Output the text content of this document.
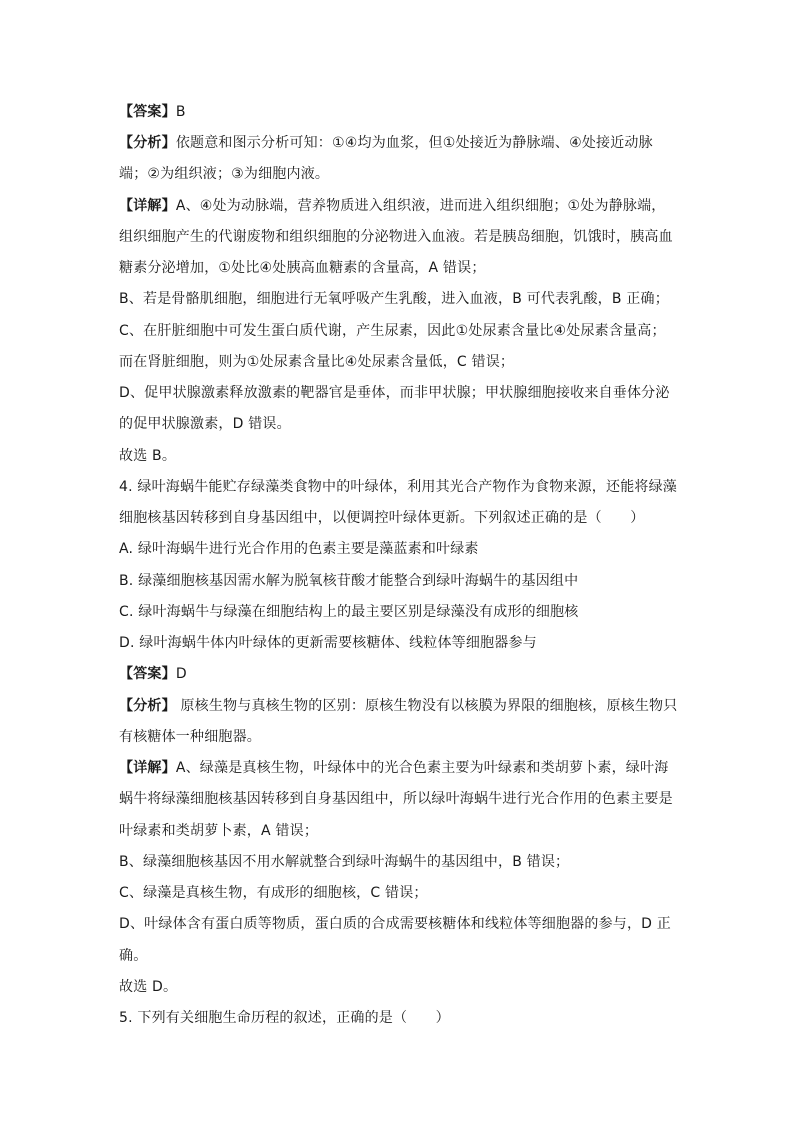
【答案】B
【分析】依题意和图示分析可知：①④均为血浆，但①处接近为静脉端、④处接近动脉
端；②为组织液；③为细胞内液。
【详解】A、④处为动脉端，营养物质进入组织液，进而进入组织细胞；①处为静脉端，
组织细胞产生的代谢废物和组织细胞的分泌物进入血液。若是胰岛细胞，饥饿时，胰高血
糖素分泌增加，①处比④处胰高血糖素的含量高，A 错误；
B、若是骨骼肌细胞，细胞进行无氧呼吸产生乳酸，进入血液，B 可代表乳酸，B 正确；
C、在肝脏细胞中可发生蛋白质代谢，产生尿素，因此①处尿素含量比④处尿素含量高；
而在肾脏细胞，则为①处尿素含量比④处尿素含量低，C 错误；
D、促甲状腺激素释放激素的靶器官是垂体，而非甲状腺；甲状腺细胞接收来自垂体分泌
的促甲状腺激素，D 错误。
故选 B。
4. 绿叶海蜗牛能贮存绿藻类食物中的叶绿体，利用其光合产物作为食物来源，还能将绿藻
细胞核基因转移到自身基因组中，以便调控叶绿体更新。下列叙述正确的是（　　）
A. 绿叶海蜗牛进行光合作用的色素主要是藻蓝素和叶绿素
B. 绿藻细胞核基因需水解为脱氧核苷酸才能整合到绿叶海蜗牛的基因组中
C. 绿叶海蜗牛与绿藻在细胞结构上的最主要区别是绿藻没有成形的细胞核
D. 绿叶海蜗牛体内叶绿体的更新需要核糖体、线粒体等细胞器参与
【答案】D
【分析】 原核生物与真核生物的区别：原核生物没有以核膜为界限的细胞核，原核生物只
有核糖体一种细胞器。
【详解】A、绿藻是真核生物，叶绿体中的光合色素主要为叶绿素和类胡萝卜素，绿叶海
蜗牛将绿藻细胞核基因转移到自身基因组中，所以绿叶海蜗牛进行光合作用的色素主要是
叶绿素和类胡萝卜素，A 错误；
B、绿藻细胞核基因不用水解就整合到绿叶海蜗牛的基因组中，B 错误；
C、绿藻是真核生物，有成形的细胞核，C 错误；
D、叶绿体含有蛋白质等物质，蛋白质的合成需要核糖体和线粒体等细胞器的参与，D 正
确。
故选 D。
5. 下列有关细胞生命历程的叙述，正确的是（　　）
